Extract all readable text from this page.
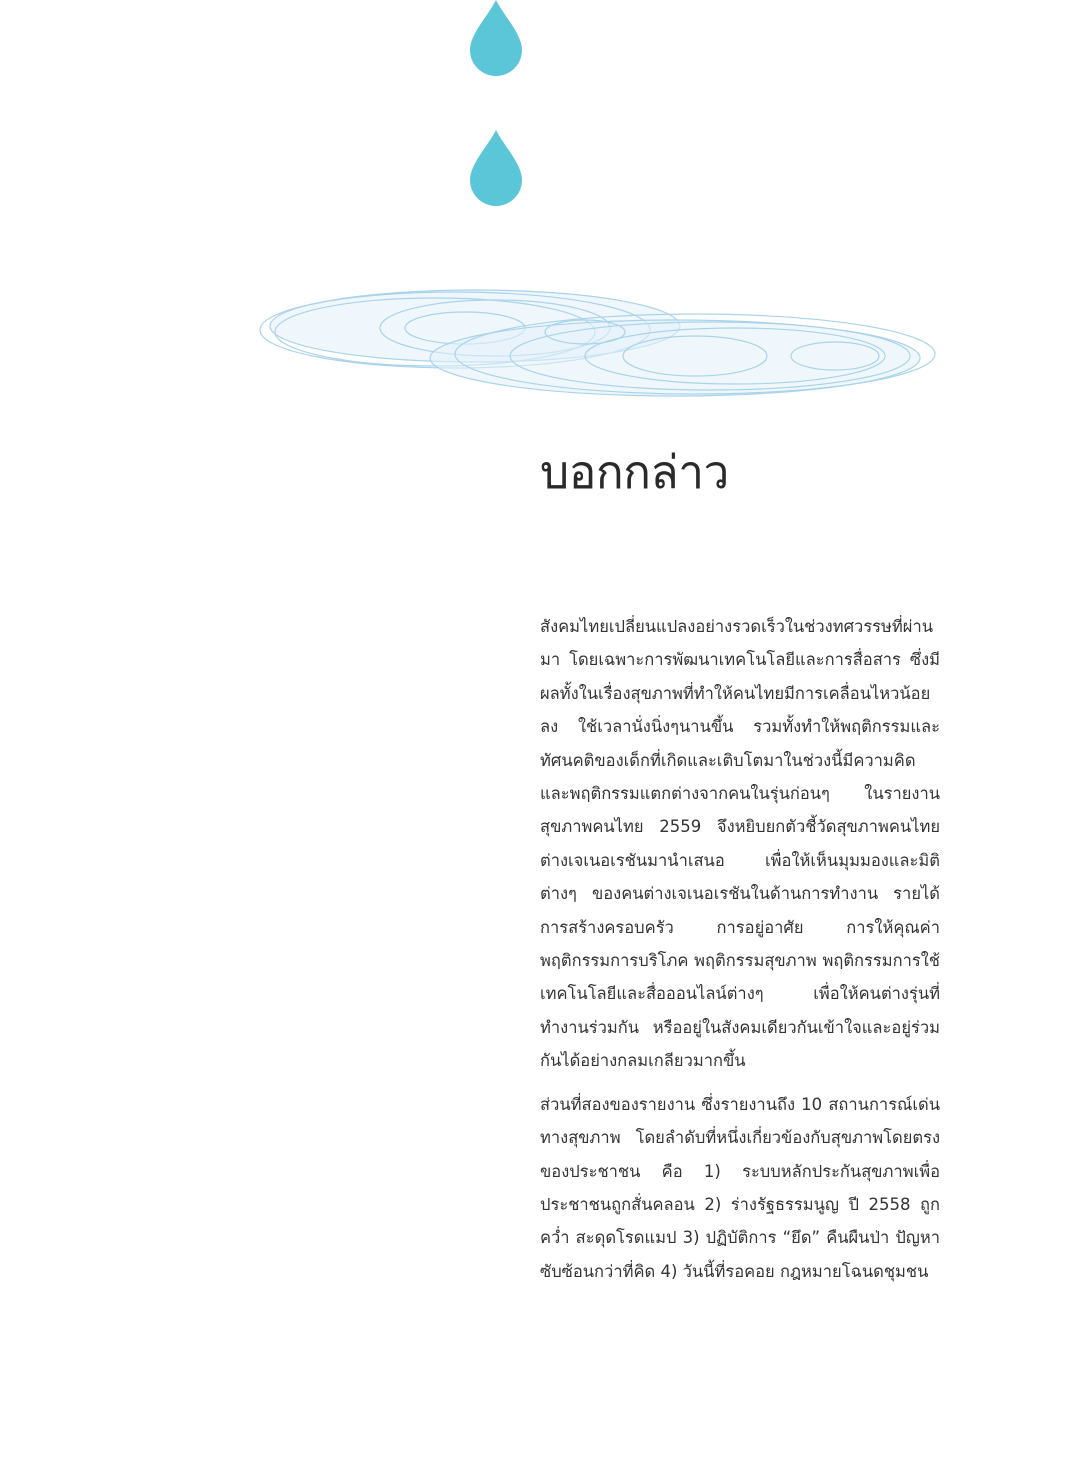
บอกกล่าว

สังคมไทยเปลี่ยนแปลงอย่างรวดเร็วในช่วงทศวรรษที่ผ่านมา โดยเฉพาะการพัฒนาเทคโนโลยีและการสื่อสาร ซึ่งมีผลทั้งในเรื่องสุขภาพที่ทำให้คนไทยมีการเคลื่อนไหวน้อยลง ใช้เวลานั่งนิ่งๆนานขึ้น รวมทั้งทำให้พฤติกรรมและทัศนคติของเด็กที่เกิดและเติบโตมาในช่วงนี้มีความคิดและพฤติกรรมแตกต่างจากคนในรุ่นก่อนๆ ในรายงานสุขภาพคนไทย 2559 จึงหยิบยกตัวชี้วัดสุขภาพคนไทยต่างเจเนอเรชันมานำเสนอ เพื่อให้เห็นมุมมองและมิติต่างๆ ของคนต่างเจเนอเรชันในด้านการทำงาน รายได้ การสร้างครอบครัว การอยู่อาศัย การให้คุณค่า พฤติกรรมการบริโภค พฤติกรรมสุขภาพ พฤติกรรมการใช้เทคโนโลยีและสื่อออนไลน์ต่างๆ เพื่อให้คนต่างรุ่นที่ทำงานร่วมกัน หรืออยู่ในสังคมเดียวกันเข้าใจและอยู่ร่วมกันได้อย่างกลมเกลียวมากขึ้น

ส่วนที่สองของรายงาน ซึ่งรายงานถึง 10 สถานการณ์เด่นทางสุขภาพ โดยลำดับที่หนึ่งเกี่ยวข้องกับสุขภาพโดยตรงของประชาชน คือ 1) ระบบหลักประกันสุขภาพเพื่อประชาชนถูกสั่นคลอน 2) ร่างรัฐธรรมนูญ ปี 2558 ถูกคว่ำ สะดุดโรดแมป 3) ปฏิบัติการ “ยึด” คืนผืนป่า ปัญหาซับซ้อนกว่าที่คิด 4) วันนี้ที่รอคอย กฎหมายโฉนดชุมชน
